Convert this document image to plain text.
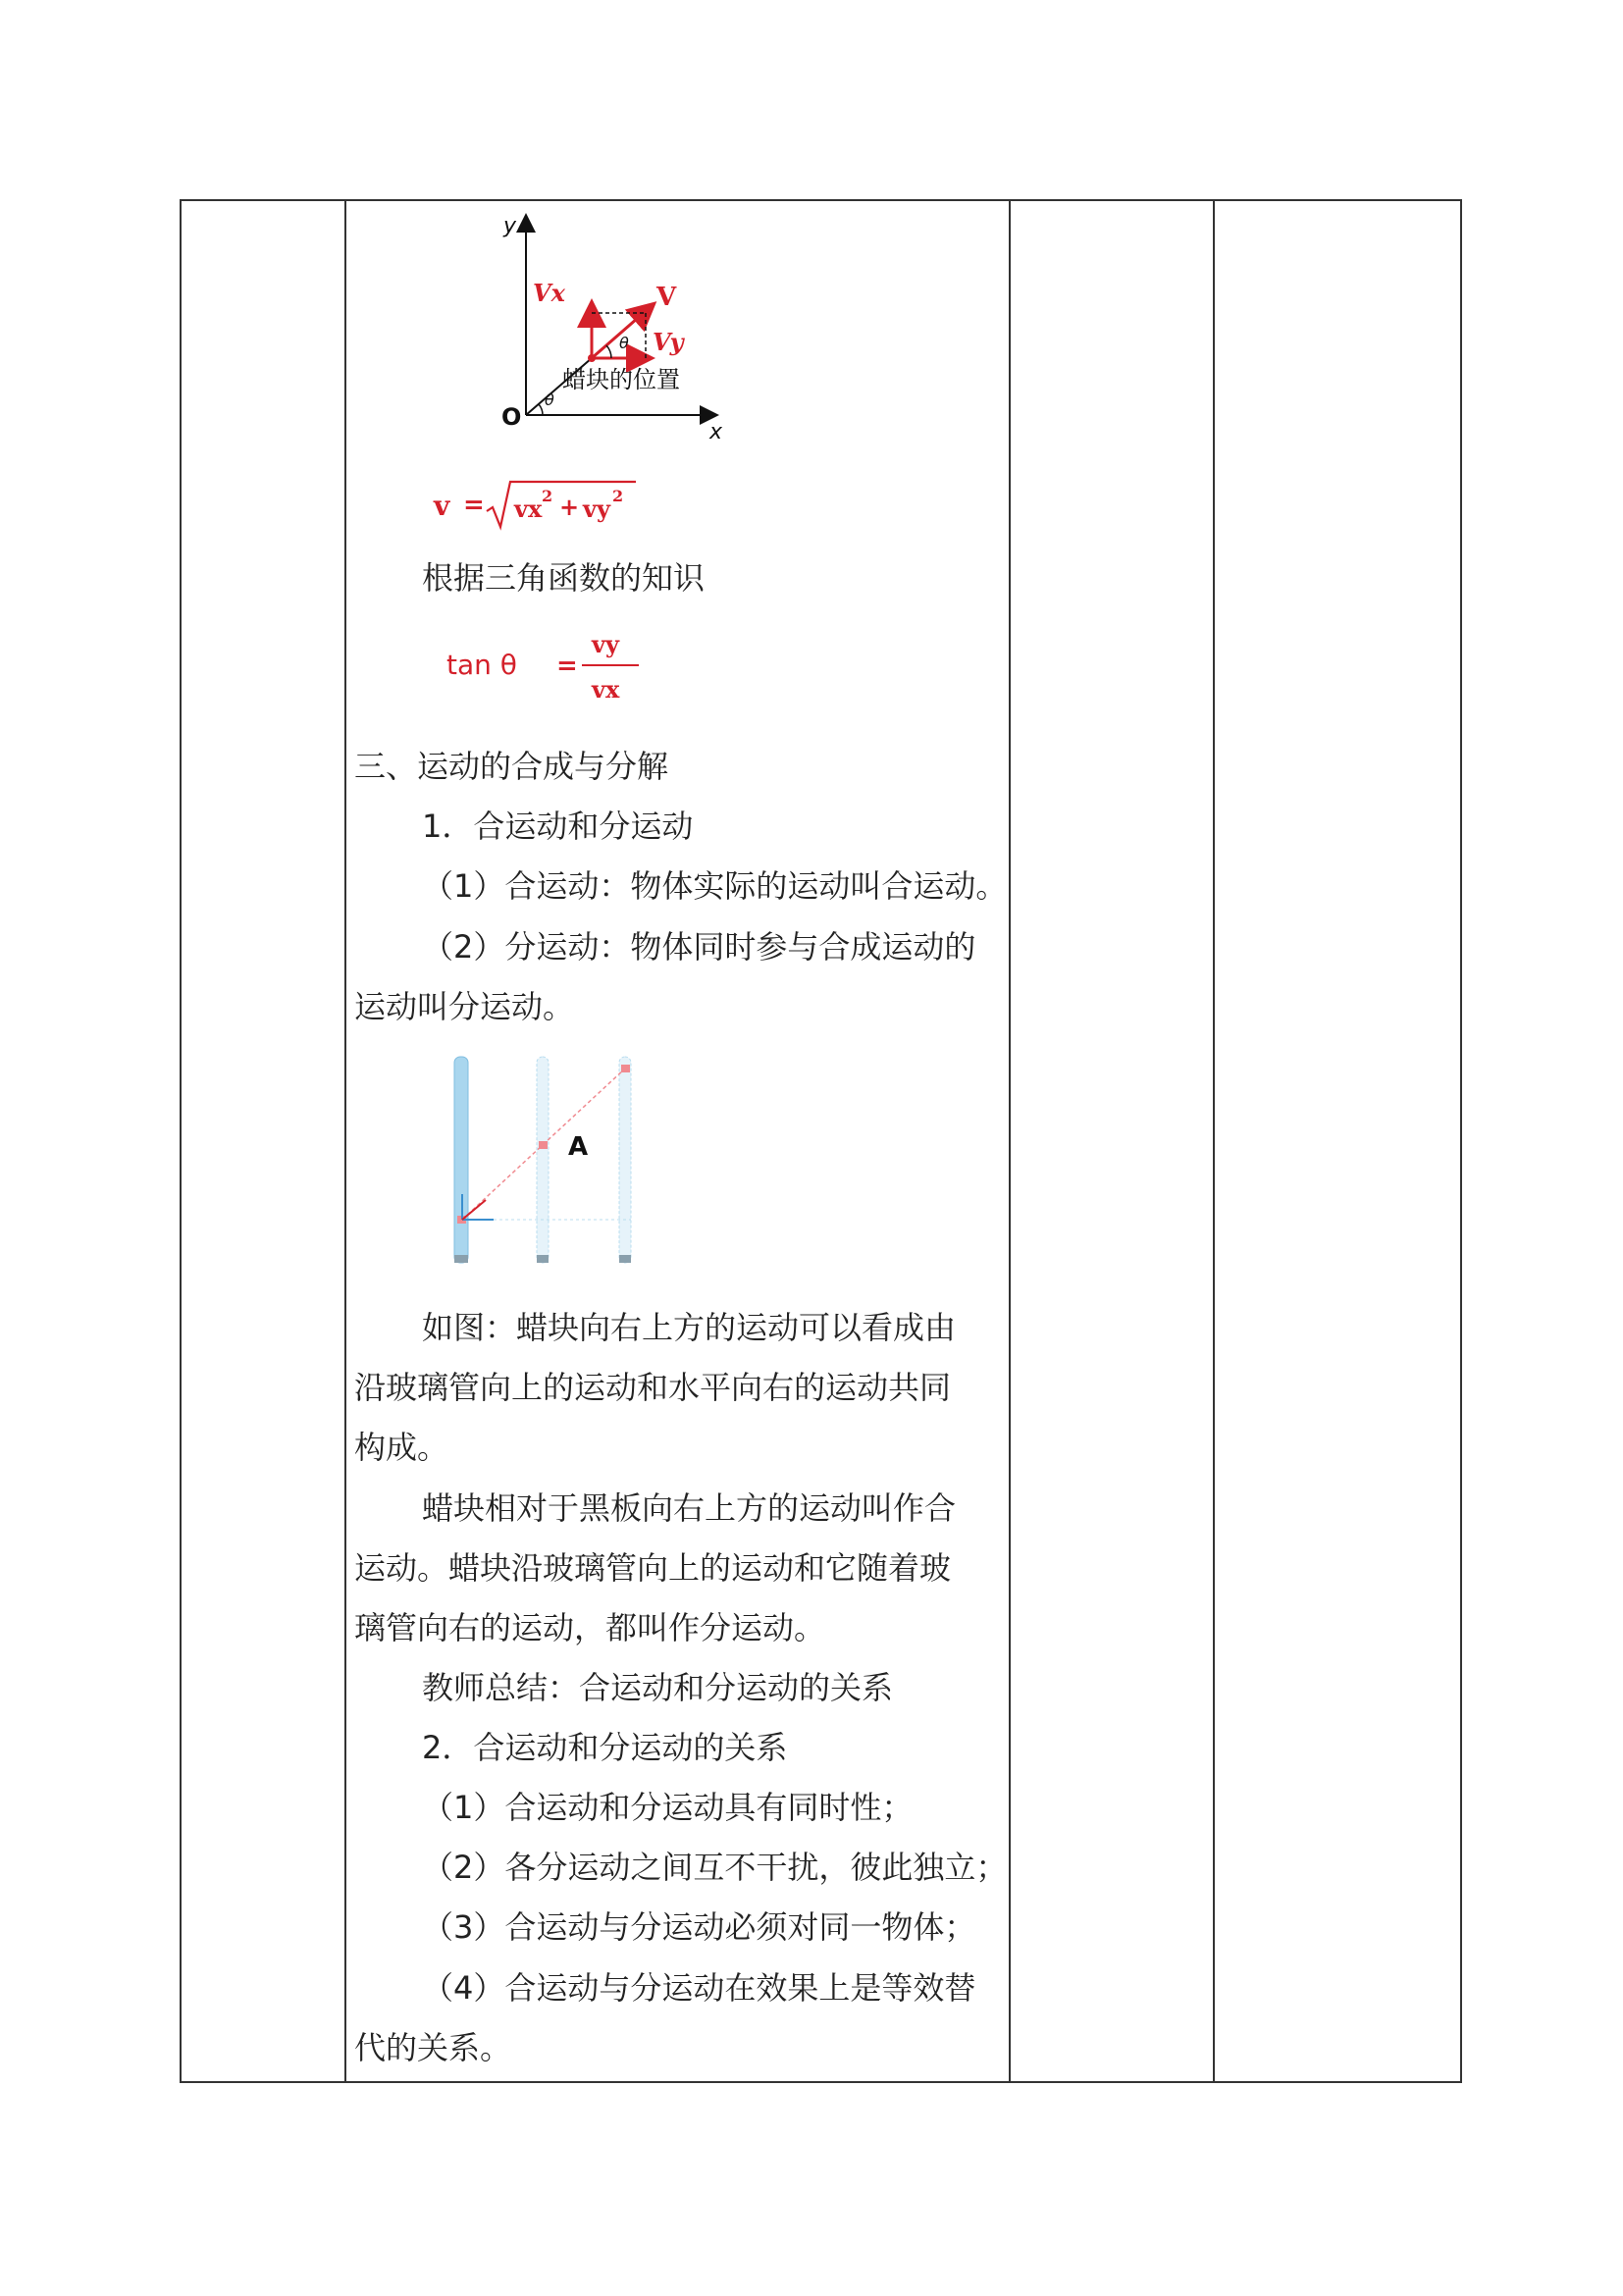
y
x
O
Vx	V
Vy
θ
θ
蜡块的位置
v = vx 2 + vy 2
根据三角函数的知识
tan θ =
vy
vx
三、运动的合成与分解
1．合运动和分运动
（1）合运动：物体实际的运动叫合运动。
（2）分运动：物体同时参与合成运动的
运动叫分运动。
A
如图：蜡块向右上方的运动可以看成由
沿玻璃管向上的运动和水平向右的运动共同
构成。
蜡块相对于黑板向右上方的运动叫作合
运动。蜡块沿玻璃管向上的运动和它随着玻
璃管向右的运动，都叫作分运动。
教师总结：合运动和分运动的关系
2．合运动和分运动的关系
（1）合运动和分运动具有同时性；
（2）各分运动之间互不干扰，彼此独立；
（3）合运动与分运动必须对同一物体；
（4）合运动与分运动在效果上是等效替
代的关系。
